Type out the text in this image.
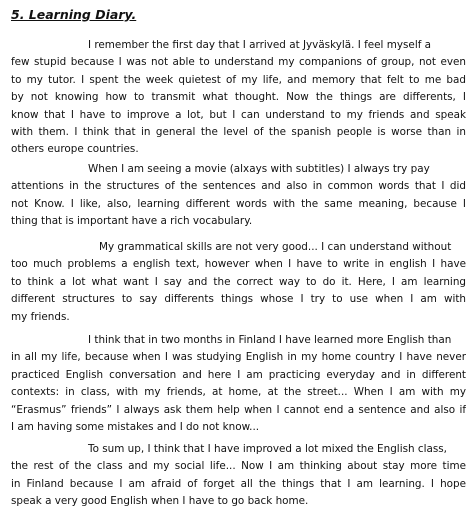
5. Learning Diary.
I remember the first day that I arrived at Jyväskylä. I feel myself a
few stupid because I was not able to understand my companions of group, not even
to my tutor. I spent the week quietest of my life, and memory that felt to me bad
by not knowing how to transmit what thought. Now the things are differents, I
know that I have to improve a lot, but I can understand to my friends and speak
with them. I think that in general the level of the spanish people is worse than in
others europe countries.
When I am seeing a movie (alxays with subtitles) I always try pay
attentions in the structures of the sentences and also in common words that I did
not Know. I like, also, learning different words with the same meaning, because I
thing that is important have a rich vocabulary.
My grammatical skills are not very good... I can understand without
too much problems a english text, however when I have to write in english I have
to think a lot what want I say and the correct way to do it. Here, I am learning
different structures to say differents things whose I try to use when I am with
my friends.
I think that in two months in Finland I have learned more English than
in all my life, because when I was studying English in my home country I have never
practiced English conversation and here I am practicing everyday and in different
contexts: in class, with my friends, at home, at the street... When I am with my
“Erasmus” friends” I always ask them help when I cannot end a sentence and also if
I am having some mistakes and I do not know...
To sum up, I think that I have improved a lot mixed the English class,
the rest of the class and my social life... Now I am thinking about stay more time
in Finland because I am afraid of forget all the things that I am learning. I hope
speak a very good English when I have to go back home.
